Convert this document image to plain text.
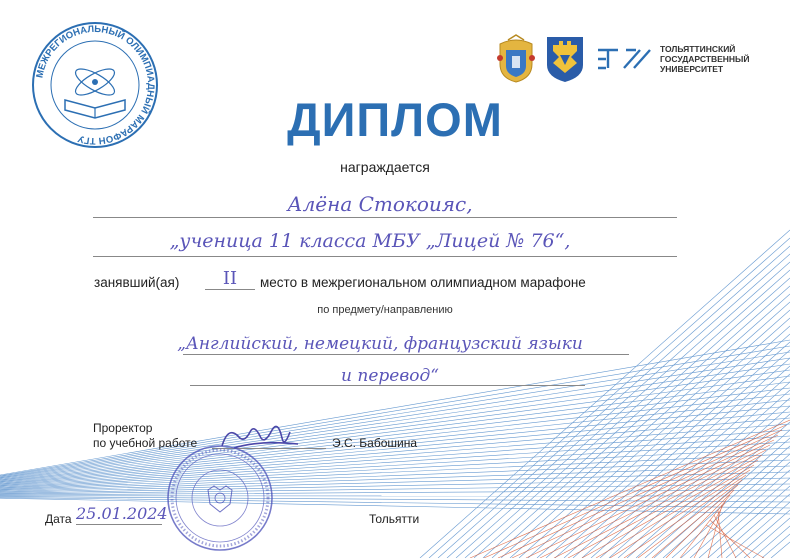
МЕЖРЕГИОНАЛЬНЫЙ ОЛИМПИАДНЫЙ МАРАФОН ТГУ
ТОЛЬЯТТИНСКИЙ
ГОСУДАРСТВЕННЫЙ
УНИВЕРСИТЕТ
ДИПЛОМ
награждается
Алёна Стокоияс,
„ученица 11 класса МБУ „Лицей № 76“,
занявший(ая)	II	место в межрегиональном олимпиадном марафоне
по предмету/направлению
„Английский, немецкий, французский языки
и перевод“
Проректор
по учебной работе	Э.С. Бабошина
Дата 25.01.2024	Тольятти
